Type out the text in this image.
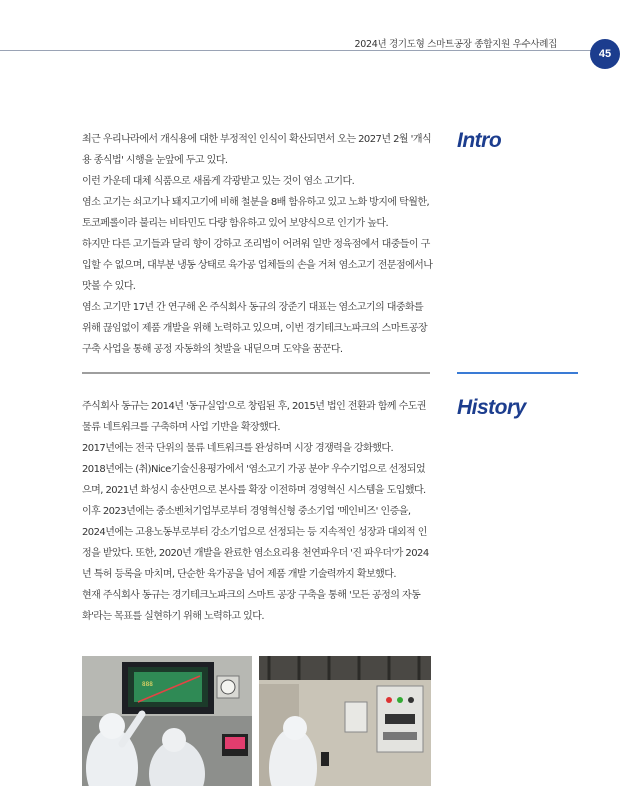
2024년 경기도형 스마트공장 종합지원 우수사례집
45

최근 우리나라에서 개식용에 대한 부정적인 인식이 확산되면서 오는 2027년 2월 '개식용 종식법' 시행을 눈앞에 두고 있다.

이런 가운데 대체 식품으로 새롭게 각광받고 있는 것이 염소 고기다.

염소 고기는 쇠고기나 돼지고기에 비해 철분을 8배 함유하고 있고 노화 방지에 탁월한, 토코페롤이라 불리는 비타민도 다량 함유하고 있어 보양식으로 인기가 높다.

하지만 다른 고기들과 달리 향이 강하고 조리법이 어려워 일반 정육점에서 대중들이 구입할 수 없으며, 대부분 냉동 상태로 육가공 업체들의 손을 거쳐 염소고기 전문점에서나 맛볼 수 있다.

염소 고기만 17년 간 연구해 온 주식회사 동규의 장준기 대표는 염소고기의 대중화를 위해 끊임없이 제품 개발을 위해 노력하고 있으며, 이번 경기테크노파크의 스마트공장 구축 사업을 통해 공정 자동화의 첫발을 내딛으며 도약을 꿈꾼다.

Intro

주식회사 동규는 2014년 '동규실업'으로 창립된 후, 2015년 법인 전환과 함께 수도권 물류 네트워크를 구축하며 사업 기반을 확장했다.

2017년에는 전국 단위의 물류 네트워크를 완성하며 시장 경쟁력을 강화했다.

2018년에는 (취)Nice기술신용평가에서 '염소고기 가공 분야' 우수기업으로 선정되었으며, 2021년 화성시 송산면으로 본사를 확장 이전하며 경영혁신 시스템을 도입했다.

이후 2023년에는 중소벤처기업부로부터 경영혁신형 중소기업 '메인비즈' 인증을, 2024년에는 고용노동부로부터 강소기업으로 선정되는 등 지속적인 성장과 대외적 인정을 받았다. 또한, 2020년 개발을 완료한 염소요리용 천연파우더 '진 파우더'가 2024년 특허 등록을 마치며, 단순한 육가공을 넘어 제품 개발 기술력까지 확보했다.

현재 주식회사 동규는 경기테크노파크의 스마트 공장 구축을 통해 '모든 공정의 자동화'라는 목표를 실현하기 위해 노력하고 있다.

History
888
